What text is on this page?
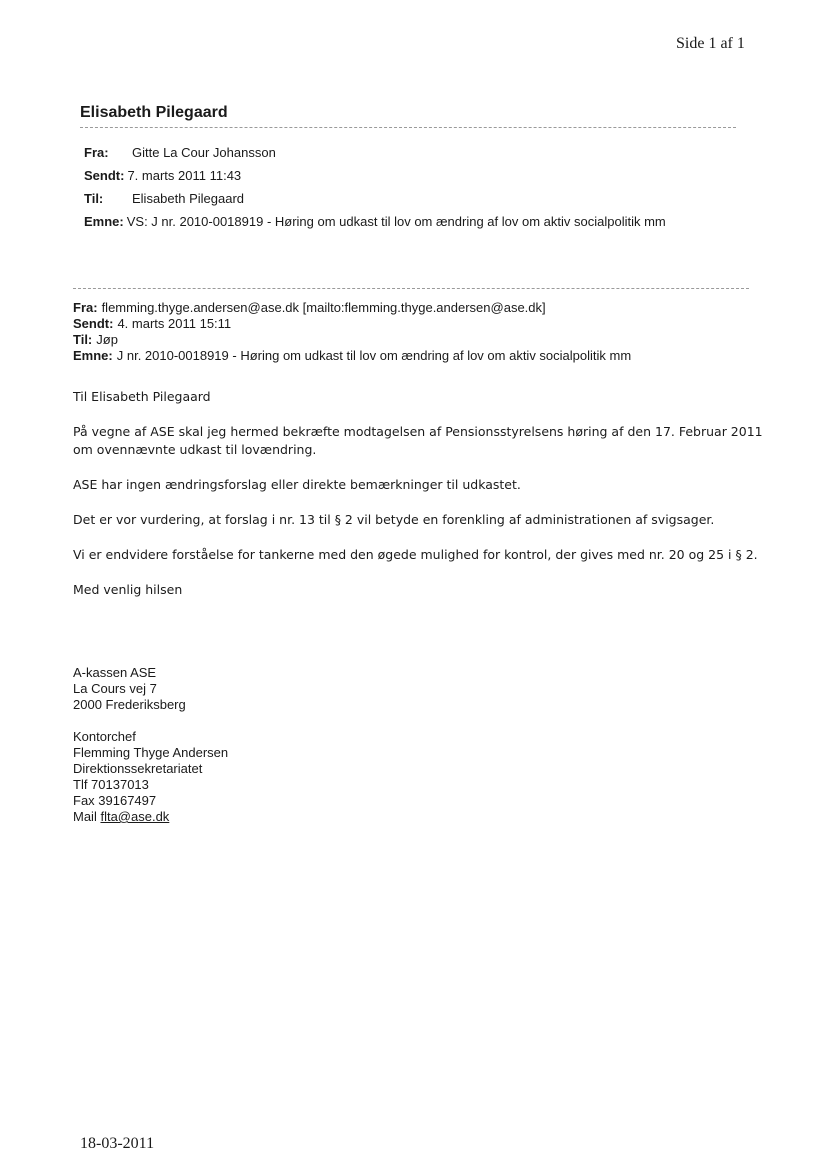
Side 1 af 1
Elisabeth Pilegaard
Fra: Gitte La Cour Johansson
Sendt: 7. marts 2011 11:43
Til: Elisabeth Pilegaard
Emne: VS: J nr. 2010-0018919 - Høring om udkast til lov om ændring af lov om aktiv socialpolitik mm
Fra: flemming.thyge.andersen@ase.dk [mailto:flemming.thyge.andersen@ase.dk]
Sendt: 4. marts 2011 15:11
Til: Jøp
Emne: J nr. 2010-0018919 - Høring om udkast til lov om ændring af lov om aktiv socialpolitik mm

Til Elisabeth Pilegaard

På vegne af ASE skal jeg hermed bekræfte modtagelsen af Pensionsstyrelsens høring af den 17. Februar 2011 om ovennævnte udkast til lovændring.

ASE har ingen ændringsforslag eller direkte bemærkninger til udkastet.

Det er vor vurdering, at forslag i nr. 13 til § 2 vil betyde en forenkling af administrationen af svigsager.

Vi er endvidere forståelse for tankerne med den øgede mulighed for kontrol, der gives med nr. 20 og 25 i § 2.

Med venlig hilsen

A-kassen ASE
La Cours vej 7
2000 Frederiksberg
Kontorchef
Flemming Thyge Andersen
Direktionssekretariatet
Tlf 70137013
Fax 39167497
Mail flta@ase.dk
18-03-2011
